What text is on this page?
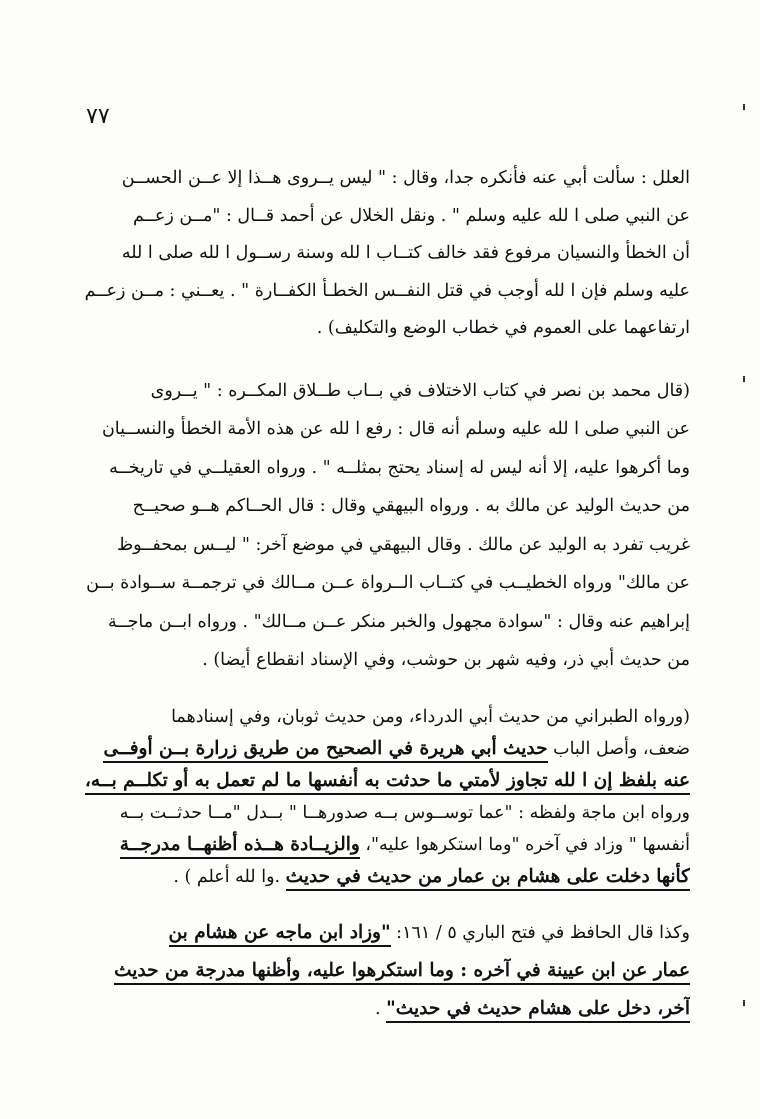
٧٧
العلل : سألت أبي عنه فأنكره جدا، وقال : " ليس يــروى هــذا إلا عــن الحســن
عن النبي صلى ا لله عليه وسلم " . ونقل الخلال عن أحمد قــال : "مــن زعــم
أن الخطأ والنسيان مرفوع فقد خالف كتــاب ا لله وسنة رســول ا لله صلى ا لله
عليه وسلم فإن ا لله أوجب في قتل النفــس الخطـأ الكفــارة " . يعــني : مــن زعــم
ارتفاعهما على العموم في خطاب الوضع والتكليف) .
(قال محمد بن نصر في كتاب الاختلاف في بــاب طــلاق المكــره : " يــروى
عن النبي صلى ا لله عليه وسلم أنه قال : رفع ا لله عن هذه الأمة الخطأ والنســيان
وما أكرهوا عليه، إلا أنه ليس له إسناد يحتج بمثلــه " . ورواه العقيلــي في تاريخــه
من حديث الوليد عن مالك به . ورواه البيهقي وقال : قال الحــاكم هــو صحيــح
غريب تفرد به الوليد عن مالك . وقال البيهقي في موضع آخر: " ليــس بمحفــوظ
عن مالك" ورواه الخطيــب في كتــاب الــرواة عــن مــالك في ترجمــة ســوادة بــن
إبراهيم عنه وقال : "سوادة مجهول والخبر منكر عــن مــالك" . ورواه ابــن ماجــة
من حديث أبي ذر، وفيه شهر بن حوشب، وفي الإسناد انقطاع أيضا) .
(ورواه الطبراني من حديث أبي الدرداء، ومن حديث ثوبان، وفي إسنادهما
ضعف، وأصل الباب حديث أبي هريرة في الصحيح من طريق زرارة بــن أوفــى
عنه بلفظ إن ا لله تجاوز لأمتي ما حدثت به أنفسها ما لم تعمل به أو تكلــم بــه،
ورواه ابن ماجة ولفظه : "عما توســوس بــه صدورهــا " بــدل "مــا حدثــت بــه
أنفسها " وزاد في آخره "وما استكرهوا عليه"، والزيــادة هــذه أظنهــا مدرجــة
كأنها دخلت على هشام بن عمار من حديث في حديث .وا لله أعلم ) .
وكذا قال الحافظ في فتح الباري ٥ / ١٦١: "وزاد ابن ماجه عن هشام بن
عمار عن ابن عيينة في آخره : وما استكرهوا عليه، وأظنها مدرجة من حديث
آخر، دخل على هشام حديث في حديث" .
